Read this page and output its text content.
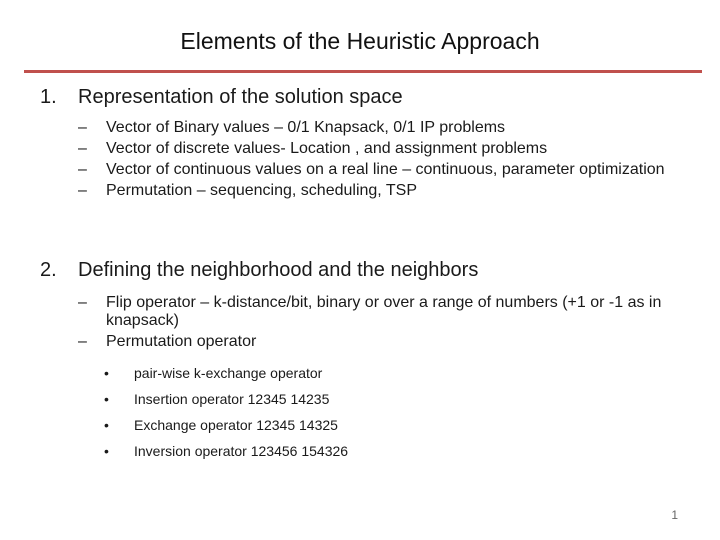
Elements of the Heuristic Approach
1.	Representation of the solution space
– Vector of Binary values – 0/1 Knapsack, 0/1 IP problems
– Vector of discrete values- Location , and assignment problems
– Vector of continuous values on a real line – continuous, parameter optimization
– Permutation – sequencing, scheduling, TSP
2.	Defining the neighborhood and the neighbors
– Flip operator – k-distance/bit, binary or over a range of numbers (+1 or -1 as in knapsack)
– Permutation operator
• pair-wise k-exchange operator
• Insertion operator 12345 14235
• Exchange operator 12345 14325
• Inversion operator 123456 154326
1
